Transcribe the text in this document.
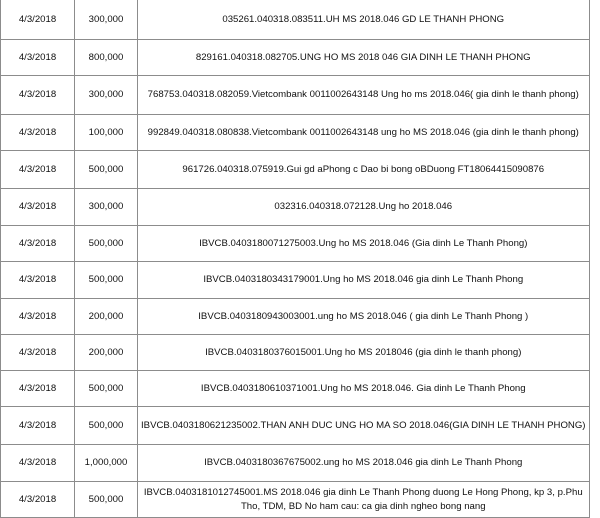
4/3/2018	300,000	035261.040318.083511.UH MS 2018.046 GD LE THANH PHONG
4/3/2018	800,000	829161.040318.082705.UNG HO MS 2018 046 GIA DINH LE THANH PHONG
4/3/2018	300,000	768753.040318.082059.Vietcombank 0011002643148 Ung ho ms 2018.046( gia dinh le thanh phong)
4/3/2018	100,000	992849.040318.080838.Vietcombank 0011002643148 ung ho MS 2018.046 (gia dinh le thanh phong)
4/3/2018	500,000	961726.040318.075919.Gui gd aPhong c Dao bi bong oBDuong FT18064415090876
4/3/2018	300,000	032316.040318.072128.Ung ho 2018.046
4/3/2018	500,000	IBVCB.0403180071275003.Ung ho MS 2018.046 (Gia dinh Le Thanh Phong)
4/3/2018	500,000	IBVCB.0403180343179001.Ung ho MS 2018.046 gia dinh Le Thanh Phong
4/3/2018	200,000	IBVCB.0403180943003001.ung ho MS 2018.046 ( gia dinh Le Thanh Phong )
4/3/2018	200,000	IBVCB.0403180376015001.Ung ho MS 2018046 (gia dinh le thanh phong)
4/3/2018	500,000	IBVCB.0403180610371001.Ung ho MS 2018.046. Gia dinh Le Thanh Phong
4/3/2018	500,000	IBVCB.0403180621235002.THAN ANH DUC UNG HO MA SO 2018.046(GIA DINH LE THANH PHONG)
4/3/2018	1,000,000	IBVCB.0403180367675002.ung ho MS 2018.046 gia dinh Le Thanh Phong
4/3/2018	500,000	IBVCB.0403181012745001.MS 2018.046 gia dinh Le Thanh Phong duong Le Hong Phong, kp 3, p.Phu Tho, TDM, BD No ham cau: ca gia dinh ngheo bong nang
